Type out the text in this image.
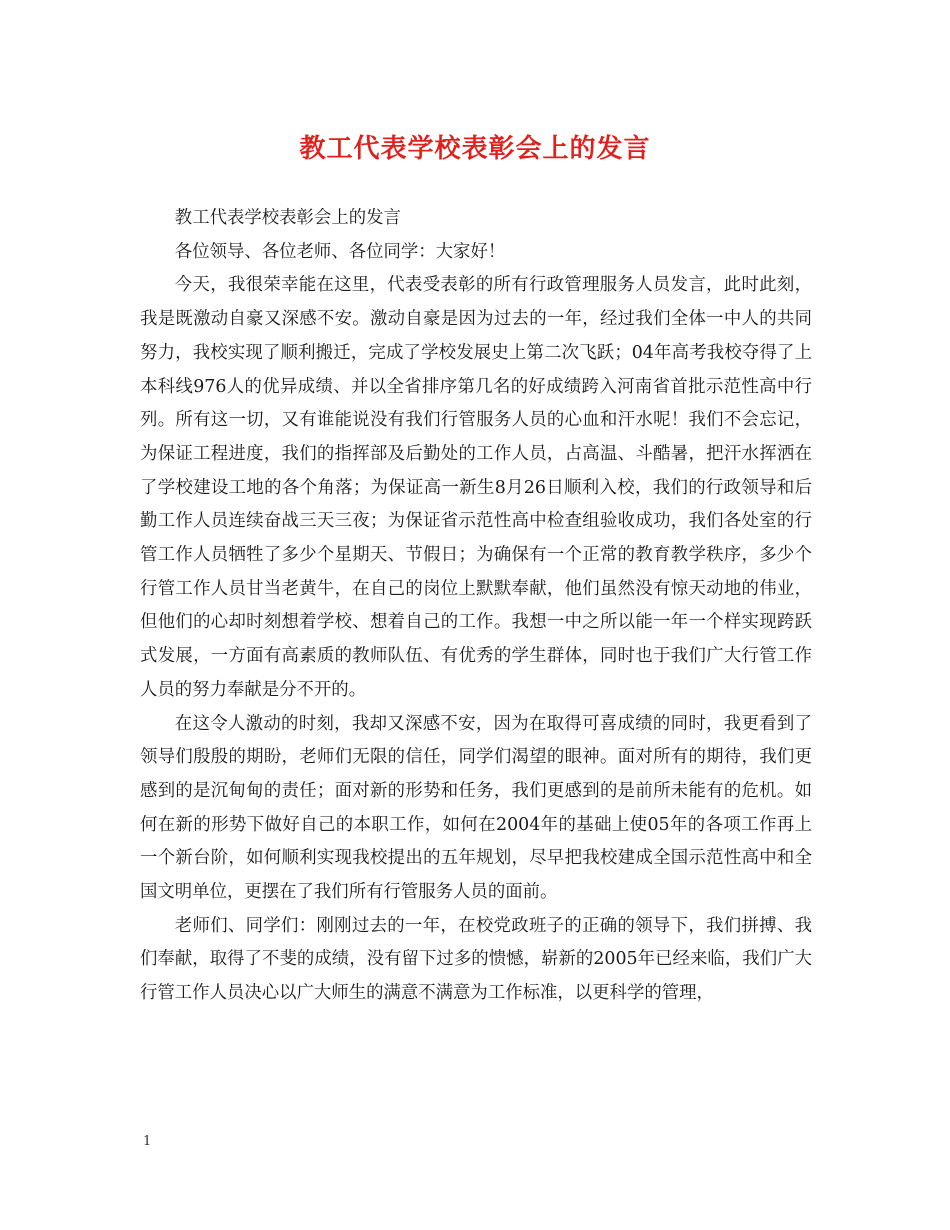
教工代表学校表彰会上的发言

教工代表学校表彰会上的发言

各位领导、各位老师、各位同学：大家好！

今天，我很荣幸能在这里，代表受表彰的所有行政管理服务人员发言，此时此刻，我是既激动自豪又深感不安。激动自豪是因为过去的一年，经过我们全体一中人的共同努力，我校实现了顺利搬迁，完成了学校发展史上第二次飞跃；04年高考我校夺得了上本科线976人的优异成绩、并以全省排序第几名的好成绩跨入河南省首批示范性高中行列。所有这一切，又有谁能说没有我们行管服务人员的心血和汗水呢！我们不会忘记，为保证工程进度，我们的指挥部及后勤处的工作人员，占高温、斗酷暑，把汗水挥洒在了学校建设工地的各个角落；为保证高一新生8月26日顺利入校，我们的行政领导和后勤工作人员连续奋战三天三夜；为保证省示范性高中检查组验收成功，我们各处室的行管工作人员牺牲了多少个星期天、节假日；为确保有一个正常的教育教学秩序，多少个行管工作人员甘当老黄牛，在自己的岗位上默默奉献，他们虽然没有惊天动地的伟业，但他们的心却时刻想着学校、想着自己的工作。我想一中之所以能一年一个样实现跨跃式发展，一方面有高素质的教师队伍、有优秀的学生群体，同时也于我们广大行管工作人员的努力奉献是分不开的。

在这令人激动的时刻，我却又深感不安，因为在取得可喜成绩的同时，我更看到了领导们殷殷的期盼，老师们无限的信任，同学们渴望的眼神。面对所有的期待，我们更感到的是沉甸甸的责任；面对新的形势和任务，我们更感到的是前所未能有的危机。如何在新的形势下做好自己的本职工作，如何在2004年的基础上使05年的各项工作再上一个新台阶，如何顺利实现我校提出的五年规划，尽早把我校建成全国示范性高中和全国文明单位，更摆在了我们所有行管服务人员的面前。

老师们、同学们：刚刚过去的一年，在校党政班子的正确的领导下，我们拼搏、我们奉献，取得了不斐的成绩，没有留下过多的愦憾，崭新的2005年已经来临，我们广大行管工作人员决心以广大师生的满意不满意为工作标准，以更科学的管理，

1
